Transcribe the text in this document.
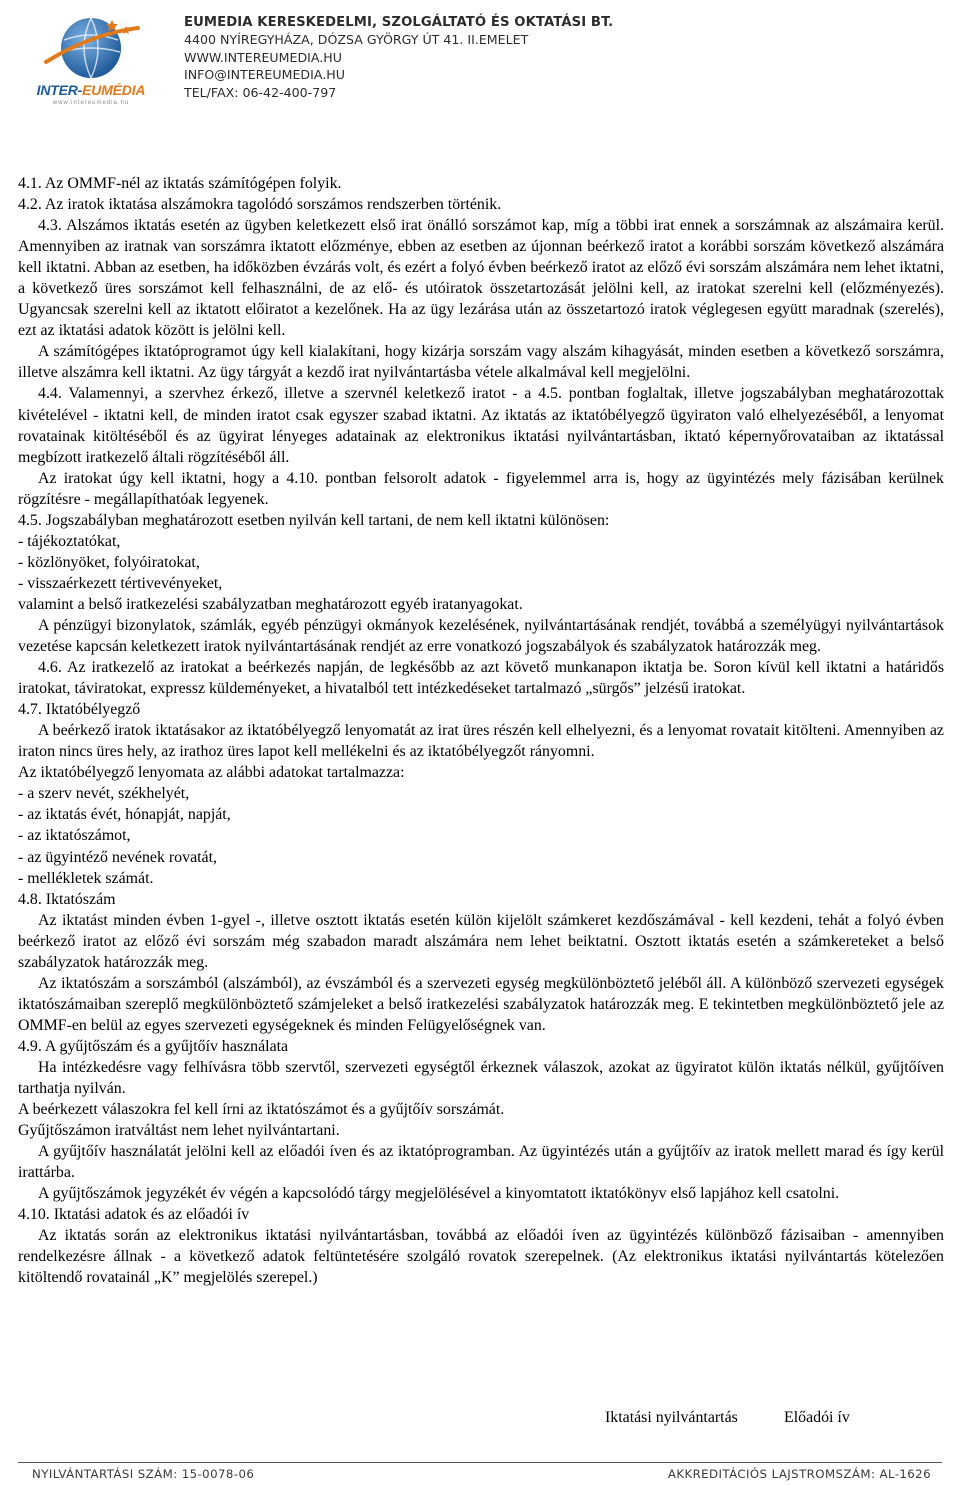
INTER-EUMÉDIA
www.intereumedia.hu
EUMEDIA KERESKEDELMI, SZOLGÁLTATÓ ÉS OKTATÁSI BT.
4400 NYÍREGYHÁZA, DÓZSA GYÖRGY ÚT 41. II.EMELET
WWW.INTEREUMEDIA.HU
INFO@INTEREUMEDIA.HU
TEL/FAX: 06-42-400-797

4.1. Az OMMF-nél az iktatás számítógépen folyik.

4.2. Az iratok iktatása alszámokra tagolódó sorszámos rendszerben történik.

4.3. Alszámos iktatás esetén az ügyben keletkezett első irat önálló sorszámot kap, míg a többi irat ennek a sorszámnak az alszámaira kerül. Amennyiben az iratnak van sorszámra iktatott előzménye, ebben az esetben az újonnan beérkező iratot a korábbi sorszám következő alszámára kell iktatni. Abban az esetben, ha időközben évzárás volt, és ezért a folyó évben beérkező iratot az előző évi sorszám alszámára nem lehet iktatni, a következő üres sorszámot kell felhasználni, de az elő- és utóiratok összetartozását jelölni kell, az iratokat szerelni kell (előzményezés). Ugyancsak szerelni kell az iktatott előiratot a kezelőnek. Ha az ügy lezárása után az összetartozó iratok véglegesen együtt maradnak (szerelés), ezt az iktatási adatok között is jelölni kell.

A számítógépes iktatóprogramot úgy kell kialakítani, hogy kizárja sorszám vagy alszám kihagyását, minden esetben a következő sorszámra, illetve alszámra kell iktatni. Az ügy tárgyát a kezdő irat nyilvántartásba vétele alkalmával kell megjelölni.

4.4. Valamennyi, a szervhez érkező, illetve a szervnél keletkező iratot - a 4.5. pontban foglaltak, illetve jogszabályban meghatározottak kivételével - iktatni kell, de minden iratot csak egyszer szabad iktatni. Az iktatás az iktatóbélyegző ügyiraton való elhelyezéséből, a lenyomat rovatainak kitöltéséből és az ügyirat lényeges adatainak az elektronikus iktatási nyilvántartásban, iktató képernyőrovataiban az iktatással megbízott iratkezelő általi rögzítéséből áll.

Az iratokat úgy kell iktatni, hogy a 4.10. pontban felsorolt adatok - figyelemmel arra is, hogy az ügyintézés mely fázisában kerülnek rögzítésre - megállapíthatóak legyenek.

4.5. Jogszabályban meghatározott esetben nyilván kell tartani, de nem kell iktatni különösen:

- tájékoztatókat,

- közlönyöket, folyóiratokat,

- visszaérkezett tértivevényeket,

valamint a belső iratkezelési szabályzatban meghatározott egyéb iratanyagokat.

A pénzügyi bizonylatok, számlák, egyéb pénzügyi okmányok kezelésének, nyilvántartásának rendjét, továbbá a személyügyi nyilvántartások vezetése kapcsán keletkezett iratok nyilvántartásának rendjét az erre vonatkozó jogszabályok és szabályzatok határozzák meg.

4.6. Az iratkezelő az iratokat a beérkezés napján, de legkésőbb az azt követő munkanapon iktatja be. Soron kívül kell iktatni a határidős iratokat, táviratokat, expressz küldeményeket, a hivatalból tett intézkedéseket tartalmazó „sürgős” jelzésű iratokat.

4.7. Iktatóbélyegző

A beérkező iratok iktatásakor az iktatóbélyegző lenyomatát az irat üres részén kell elhelyezni, és a lenyomat rovatait kitölteni. Amennyiben az iraton nincs üres hely, az irathoz üres lapot kell mellékelni és az iktatóbélyegzőt rányomni.

Az iktatóbélyegző lenyomata az alábbi adatokat tartalmazza:

- a szerv nevét, székhelyét,

- az iktatás évét, hónapját, napját,

- az iktatószámot,

- az ügyintéző nevének rovatát,

- mellékletek számát.

4.8. Iktatószám

Az iktatást minden évben 1-gyel -, illetve osztott iktatás esetén külön kijelölt számkeret kezdőszámával - kell kezdeni, tehát a folyó évben beérkező iratot az előző évi sorszám még szabadon maradt alszámára nem lehet beiktatni. Osztott iktatás esetén a számkereteket a belső szabályzatok határozzák meg.

Az iktatószám a sorszámból (alszámból), az évszámból és a szervezeti egység megkülönböztető jeléből áll. A különböző szervezeti egységek iktatószámaiban szereplő megkülönböztető számjeleket a belső iratkezelési szabályzatok határozzák meg. E tekintetben megkülönböztető jele az OMMF-en belül az egyes szervezeti egységeknek és minden Felügyelőségnek van.

4.9. A gyűjtőszám és a gyűjtőív használata

Ha intézkedésre vagy felhívásra több szervtől, szervezeti egységtől érkeznek válaszok, azokat az ügyiratot külön iktatás nélkül, gyűjtőíven tarthatja nyilván.

A beérkezett válaszokra fel kell írni az iktatószámot és a gyűjtőív sorszámát.

Gyűjtőszámon iratváltást nem lehet nyilvántartani.

A gyűjtőív használatát jelölni kell az előadói íven és az iktatóprogramban. Az ügyintézés után a gyűjtőív az iratok mellett marad és így kerül irattárba.

A gyűjtőszámok jegyzékét év végén a kapcsolódó tárgy megjelölésével a kinyomtatott iktatókönyv első lapjához kell csatolni.

4.10. Iktatási adatok és az előadói ív

Az iktatás során az elektronikus iktatási nyilvántartásban, továbbá az előadói íven az ügyintézés különböző fázisaiban - amennyiben rendelkezésre állnak - a következő adatok feltüntetésére szolgáló rovatok szerepelnek. (Az elektronikus iktatási nyilvántartás kötelezően kitöltendő rovatainál „K” megjelölés szerepel.)

Iktatási nyilvántartás	Előadói ív
NYILVÁNTARTÁSI SZÁM: 15-0078-06	AKKREDITÁCIÓS LAJSTROMSZÁM: AL-1626
